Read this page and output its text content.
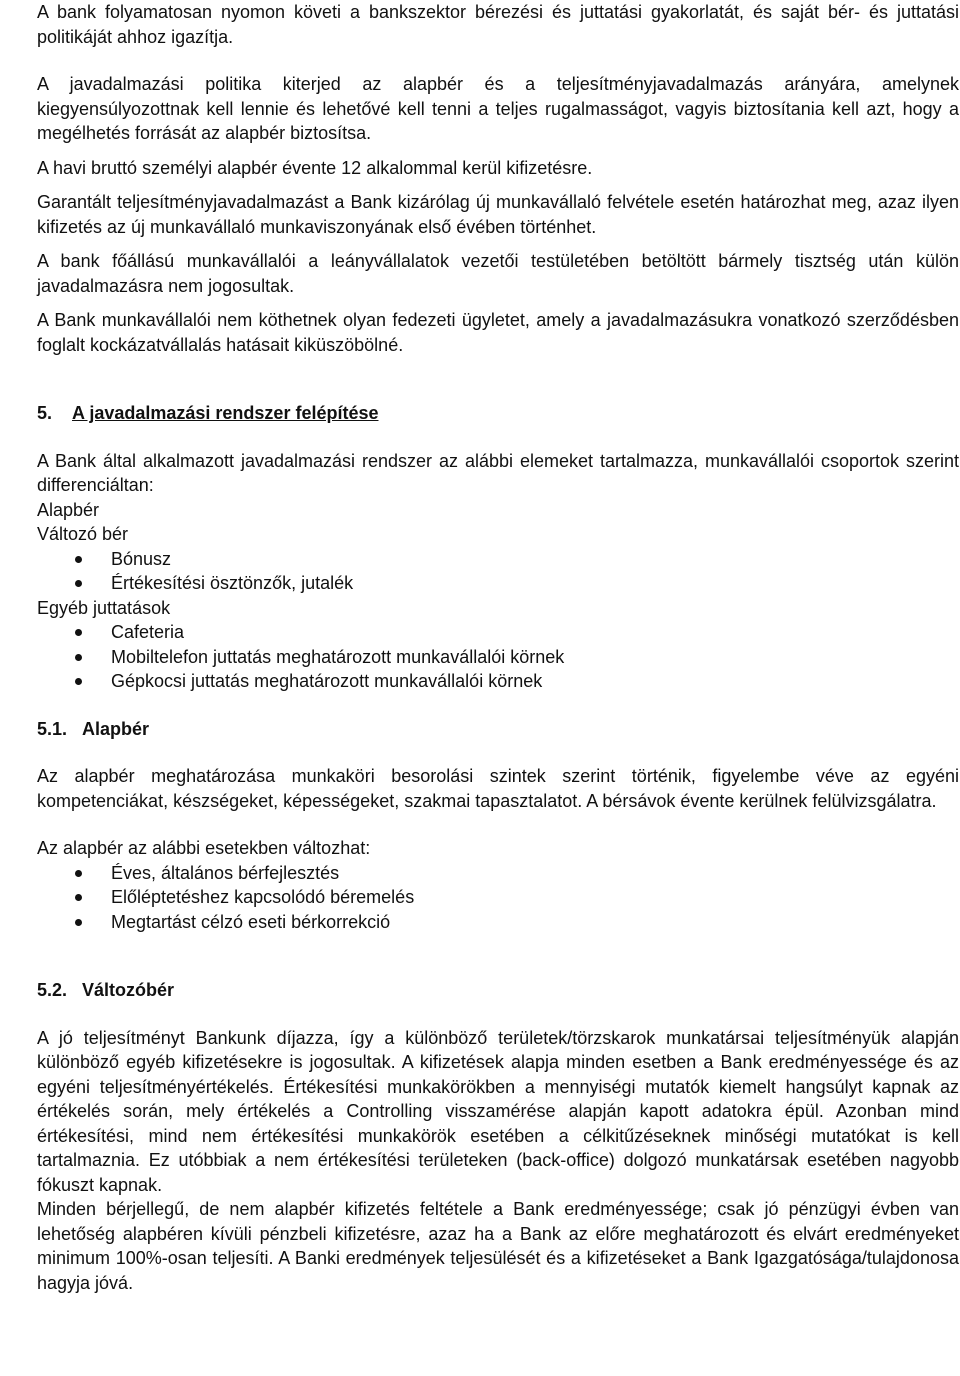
A bank folyamatosan nyomon követi a bankszektor bérezési és juttatási gyakorlatát, és saját bér- és juttatási politikáját ahhoz igazítja.

A javadalmazási politika kiterjed az alapbér és a teljesítményjavadalmazás arányára, amelynek kiegyensúlyozottnak kell lennie és lehetővé kell tenni a teljes rugalmasságot, vagyis biztosítania kell azt, hogy a megélhetés forrását az alapbér biztosítsa.

A havi bruttó személyi alapbér évente 12 alkalommal kerül kifizetésre.

Garantált teljesítményjavadalmazást a Bank kizárólag új munkavállaló felvétele esetén határozhat meg, azaz ilyen kifizetés az új munkavállaló munkaviszonyának első évében történhet.

A bank főállású munkavállalói a leányvállalatok vezetői testületében betöltött bármely tisztség után külön javadalmazásra nem jogosultak.

A Bank munkavállalói nem köthetnek olyan fedezeti ügyletet, amely a javadalmazásukra vonatkozó szerződésben foglalt kockázatvállalás hatásait kiküszöbölné.

5. A javadalmazási rendszer felépítése

A Bank által alkalmazott javadalmazási rendszer az alábbi elemeket tartalmazza, munkavállalói csoportok szerint differenciáltan:

Alapbér
Változó bér
Bónusz
Értékesítési ösztönzők, jutalék
Egyéb juttatások
Cafeteria
Mobiltelefon juttatás meghatározott munkavállalói körnek
Gépkocsi juttatás meghatározott munkavállalói körnek
5.1. Alapbér

Az alapbér meghatározása munkaköri besorolási szintek szerint történik, figyelembe véve az egyéni kompetenciákat, készségeket, képességeket, szakmai tapasztalatot. A bérsávok évente kerülnek felülvizsgálatra.

Az alapbér az alábbi esetekben változhat:
Éves, általános bérfejlesztés
Előléptetéshez kapcsolódó béremelés
Megtartást célzó eseti bérkorrekció
5.2. Változóbér

A jó teljesítményt Bankunk díjazza, így a különböző területek/törzskarok munkatársai teljesítményük alapján különböző egyéb kifizetésekre is jogosultak. A kifizetések alapja minden esetben a Bank eredményessége és az egyéni teljesítményértékelés. Értékesítési munkakörökben a mennyiségi mutatók kiemelt hangsúlyt kapnak az értékelés során, mely értékelés a Controlling visszamérése alapján kapott adatokra épül. Azonban mind értékesítési, mind nem értékesítési munkakörök esetében a célkitűzéseknek minőségi mutatókat is kell tartalmaznia. Ez utóbbiak a nem értékesítési területeken (back-office) dolgozó munkatársak esetében nagyobb fókuszt kapnak.

Minden bérjellegű, de nem alapbér kifizetés feltétele a Bank eredményessége; csak jó pénzügyi évben van lehetőség alapbéren kívüli pénzbeli kifizetésre, azaz ha a Bank az előre meghatározott és elvárt eredményeket minimum 100%-osan teljesíti. A Banki eredmények teljesülését és a kifizetéseket a Bank Igazgatósága/tulajdonosa hagyja jóvá.
